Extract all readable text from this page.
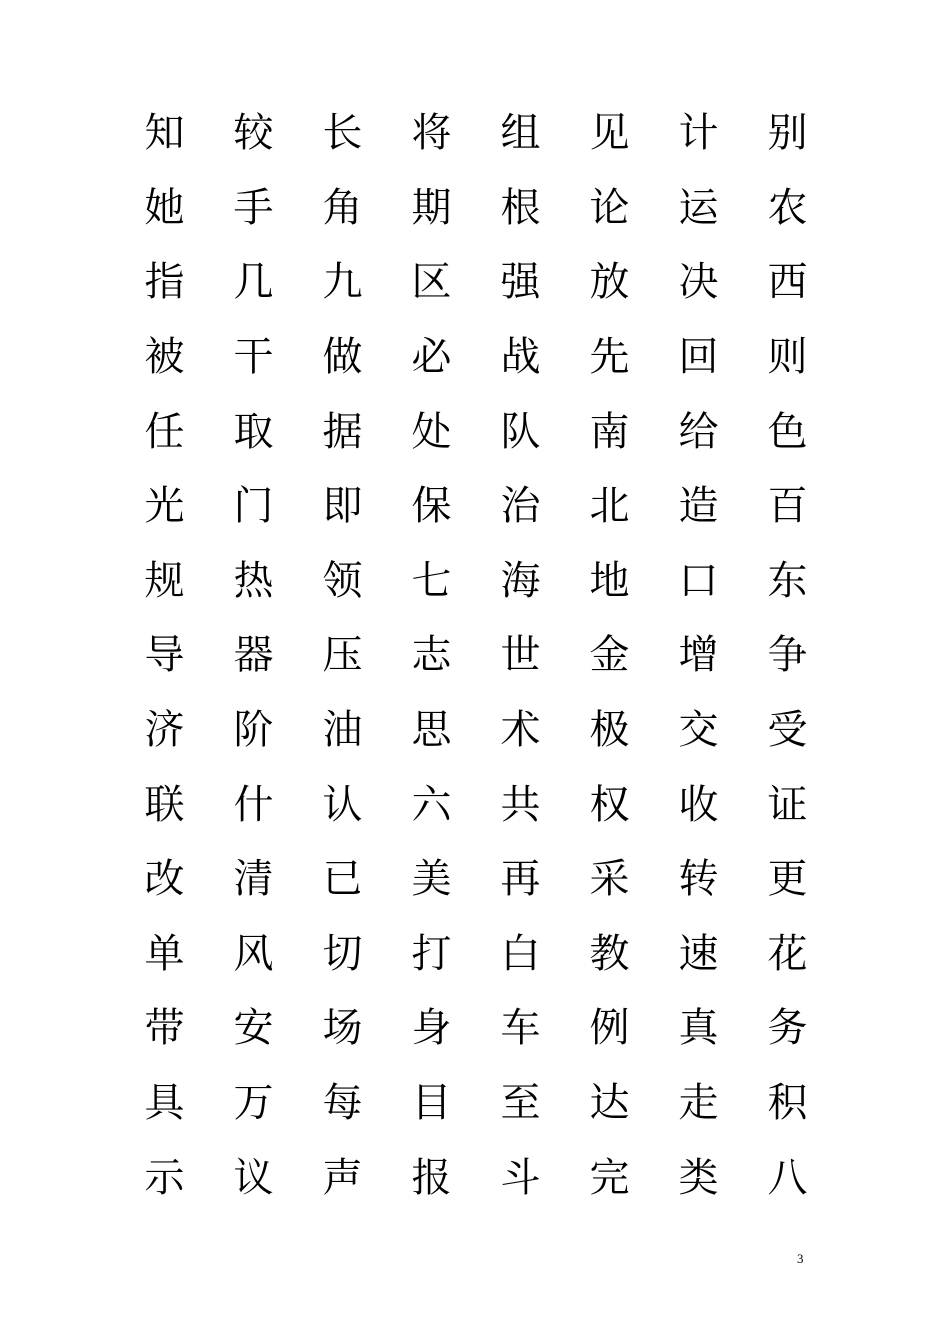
知	较	长	将	组	见	计	别
她	手	角	期	根	论	运	农
指	几	九	区	强	放	决	西
被	干	做	必	战	先	回	则
任	取	据	处	队	南	给	色
光	门	即	保	治	北	造	百
规	热	领	七	海	地	口	东
导	器	压	志	世	金	增	争
济	阶	油	思	术	极	交	受
联	什	认	六	共	权	收	证
改	清	已	美	再	采	转	更
单	风	切	打	白	教	速	花
带	安	场	身	车	例	真	务
具	万	每	目	至	达	走	积
示	议	声	报	斗	完	类	八
3
